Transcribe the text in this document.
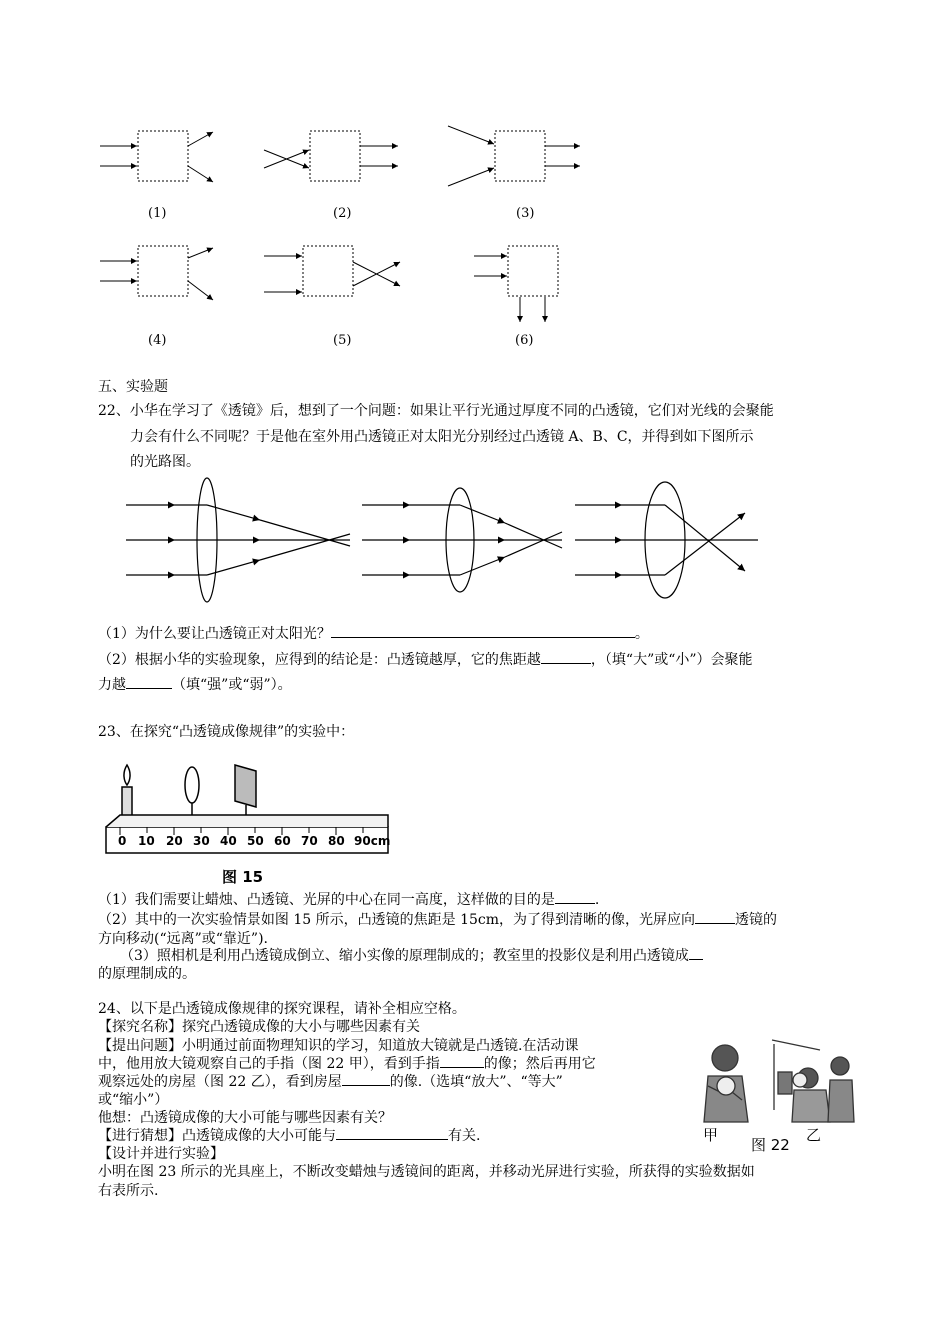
(1)	(2)	(3)
(4)	(5)	(6)
五、实验题
22、小华在学习了《透镜》后，想到了一个问题：如果让平行光通过厚度不同的凸透镜，它们对光线的会聚能
力会有什么不同呢？于是他在室外用凸透镜正对太阳光分别经过凸透镜 A、B、C，并得到如下图所示
的光路图。
（1）为什么要让凸透镜正对太阳光？	。
（2）根据小华的实验现象，应得到的结论是：凸透镜越厚，它的焦距越	，（填“大”或“小”）会聚能
力越	（填“强”或“弱”）。
23、在探究“凸透镜成像规律”的实验中：
0 10 20 30 40 50 60 70 80 90cm
图 15
（1）我们需要让蜡烛、凸透镜、光屏的中心在同一高度，这样做的目的是	.
（2）其中的一次实验情景如图 15 所示，凸透镜的焦距是 15cm，为了得到清晰的像，光屏应向	透镜的
方向移动(“远离”或“靠近”).
（3）照相机是利用凸透镜成倒立、缩小实像的原理制成的；教室里的投影仪是利用凸透镜成
的原理制成的。
24、以下是凸透镜成像规律的探究课程，请补全相应空格。
【探究名称】探究凸透镜成像的大小与哪些因素有关
【提出问题】小明通过前面物理知识的学习，知道放大镜就是凸透镜.在活动课
中，他用放大镜观察自己的手指（图 22 甲），看到手指	的像；然后再用它
观察远处的房屋（图 22 乙），看到房屋	的像.（选填“放大”、“等大”
或“缩小”）
他想：凸透镜成像的大小可能与哪些因素有关？
【进行猜想】凸透镜成像的大小可能与	有关.
【设计并进行实验】
小明在图 23 所示的光具座上，不断改变蜡烛与透镜间的距离，并移动光屏进行实验，所获得的实验数据如
右表所示.
甲
图 22
乙
